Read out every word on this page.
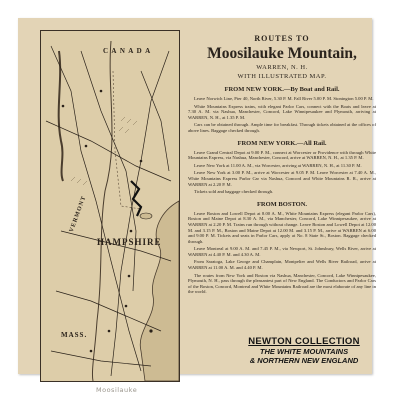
C A N A D A
VERMONT
HAMPSHIRE
MASS.
ROUTES TO
Moosilauke Mountain,
WARREN, N. H.
WITH ILLUSTRATED MAP.
FROM NEW YORK.—By Boat and Rail.

Leave Norwich Line, Pier 40, North River, 5.30 P. M. Fall River 5.00 P. M. Stonington 5.00 P. M.

White Mountains Express trains, with elegant Parlor Cars, connect with the Boats and leave at 7.30 A. M. via Nashua, Manchester, Concord, Lake Winnipesaukee and Plymouth, arriving at WARREN, N. H., at 1.35 P. M.

Cars can be obtained through. Ample time for breakfast. Through tickets obtained at the offices of above lines. Baggage checked through.

FROM NEW YORK.—All Rail.

Leave Grand Central Depot at 9.00 P. M., connect at Worcester or Providence with through White Mountains Express, via Nashua, Manchester, Concord, arrive at WARREN, N. H., at 1.35 P. M.

Leave New York at 11.00 A. M., via Worcester, arriving at WARREN, N. H., at 11.30 P. M.

Leave New York at 3.00 P. M., arrive at Worcester at 9.05 P. M. Leave Worcester at 7.40 A. M., White Mountains Express Parlor Car via Nashua, Concord and White Mountains R. R., arrive at WARREN at 2.20 P. M.

Tickets sold and baggage checked through.

FROM BOSTON.

Leave Boston and Lowell Depot at 8.00 A. M., White Mountains Express (elegant Parlor Cars), Boston and Maine Depot at 8.30 A. M., via Manchester, Concord, Lake Winnipesaukee, arrive at WARREN at 2.20 P. M. Trains run through without change. Leave Boston and Lowell Depot at 12.00 M. and 3.15 P. M., Boston and Maine Depot at 12.00 M. and 3.15 P. M., arrive at WARREN at 6.00 and 9.00 P. M. Tickets and seats in Parlor Cars, apply at No. 8 State St., Boston. Baggage checked through.

Leave Montreal at 9.00 A. M. and 7.45 P. M., via Newport, St. Johnsbury, Wells River, arrive at WARREN at 4.40 P. M. and 4.30 A. M.

From Saratoga, Lake George and Champlain, Montpelier and Wells River Railroad, arrive at WARREN at 11.00 A. M. and 4.40 P. M.

The routes from New York and Boston via Nashua, Manchester, Concord, Lake Winnipesaukee, Plymouth, N. H., pass through the pleasantest part of New England. The Conductors and Parlor Cars of the Boston, Concord, Montreal and White Mountains Railroad are the most elaborate of any line in the world.

NEWTON COLLECTION
THE WHITE MOUNTAINS
& NORTHERN NEW ENGLAND
Moosilauke
